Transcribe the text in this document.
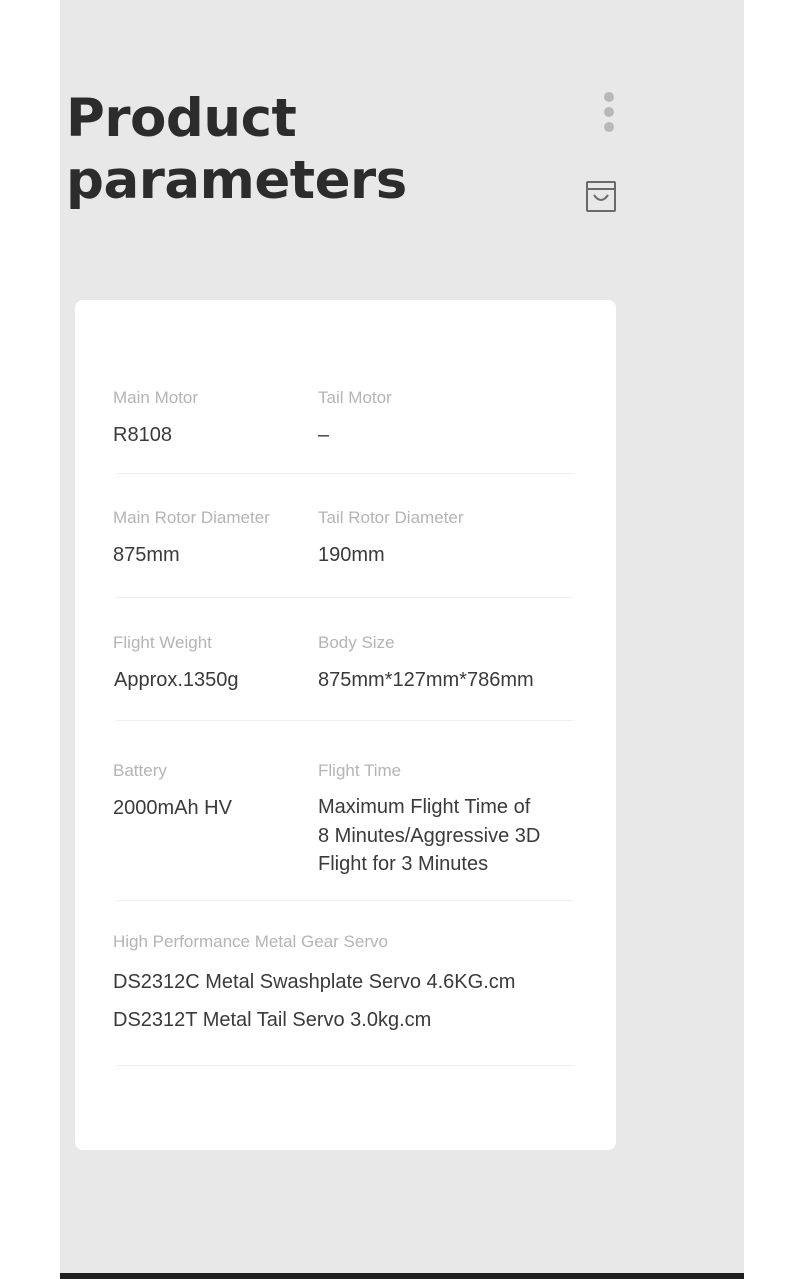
Product
parameters
Main Motor
R8108
Tail Motor
–
Main Rotor Diameter
875mm
Tail Rotor Diameter
190mm
Flight Weight
Approx.1350g
Body Size
875mm*127mm*786mm
Battery
2000mAh HV
Flight Time
Maximum Flight Time of
8 Minutes/Aggressive 3D
Flight for 3 Minutes
High Performance Metal Gear Servo
DS2312C Metal Swashplate Servo 4.6KG.cm
DS2312T Metal Tail Servo 3.0kg.cm
